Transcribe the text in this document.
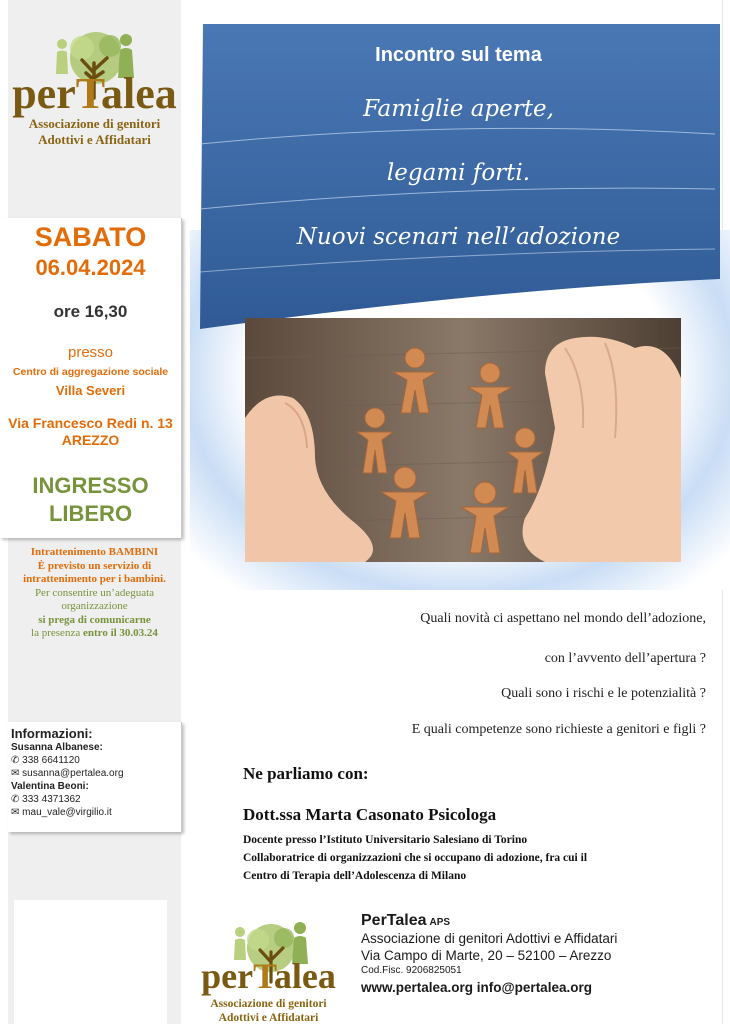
perTalea
Associazione di genitori
Adottivi e Affidatari
SABATO
06.04.2024
ore 16,30
presso
Centro di aggregazione sociale
Villa Severi
Via Francesco Redi n. 13
AREZZO
INGRESSO
LIBERO
Intrattenimento BAMBINI
È previsto un servizio di
intrattenimento per i bambini.
Per consentire un’adeguata
organizzazione
si prega di comunicarne
la presenza entro il 30.03.24
Informazioni:
Susanna Albanese:
✆ 338 6641120
✉ susanna@pertalea.org
Valentina Beoni:
✆ 333 4371362
✉ mau_vale@virgilio.it
Incontro sul tema
Famiglie aperte,
legami forti.
Nuovi scenari nell’adozione
Quali novità ci aspettano nel mondo dell’adozione,
con l’avvento dell’apertura ?
Quali sono i rischi e le potenzialità ?
E quali competenze sono richieste a genitori e figli ?
Ne parliamo con:
Dott.ssa Marta Casonato Psicologa
Docente presso l’Istituto Universitario Salesiano di Torino
Collaboratrice di organizzazioni che si occupano di adozione, fra cui il
Centro di Terapia dell’Adolescenza di Milano
perTalea
Associazione di genitori
Adottivi e Affidatari
PerTalea APS
Associazione di genitori Adottivi e Affidatari
Via Campo di Marte, 20 – 52100 – Arezzo
Cod.Fisc. 9206825051
www.pertalea.org info@pertalea.org
